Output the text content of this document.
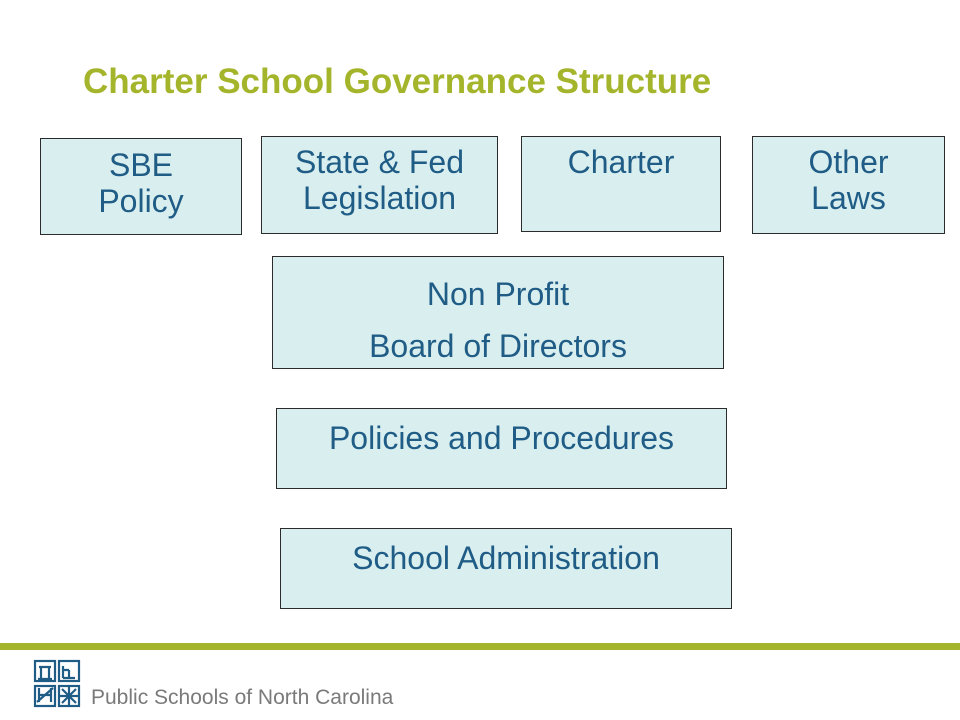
Charter School Governance Structure
SBE
Policy
State & Fed
Legislation
Charter	Other
Laws
Non Profit
Board of Directors
Policies and Procedures
School Administration
Public Schools of North Carolina
